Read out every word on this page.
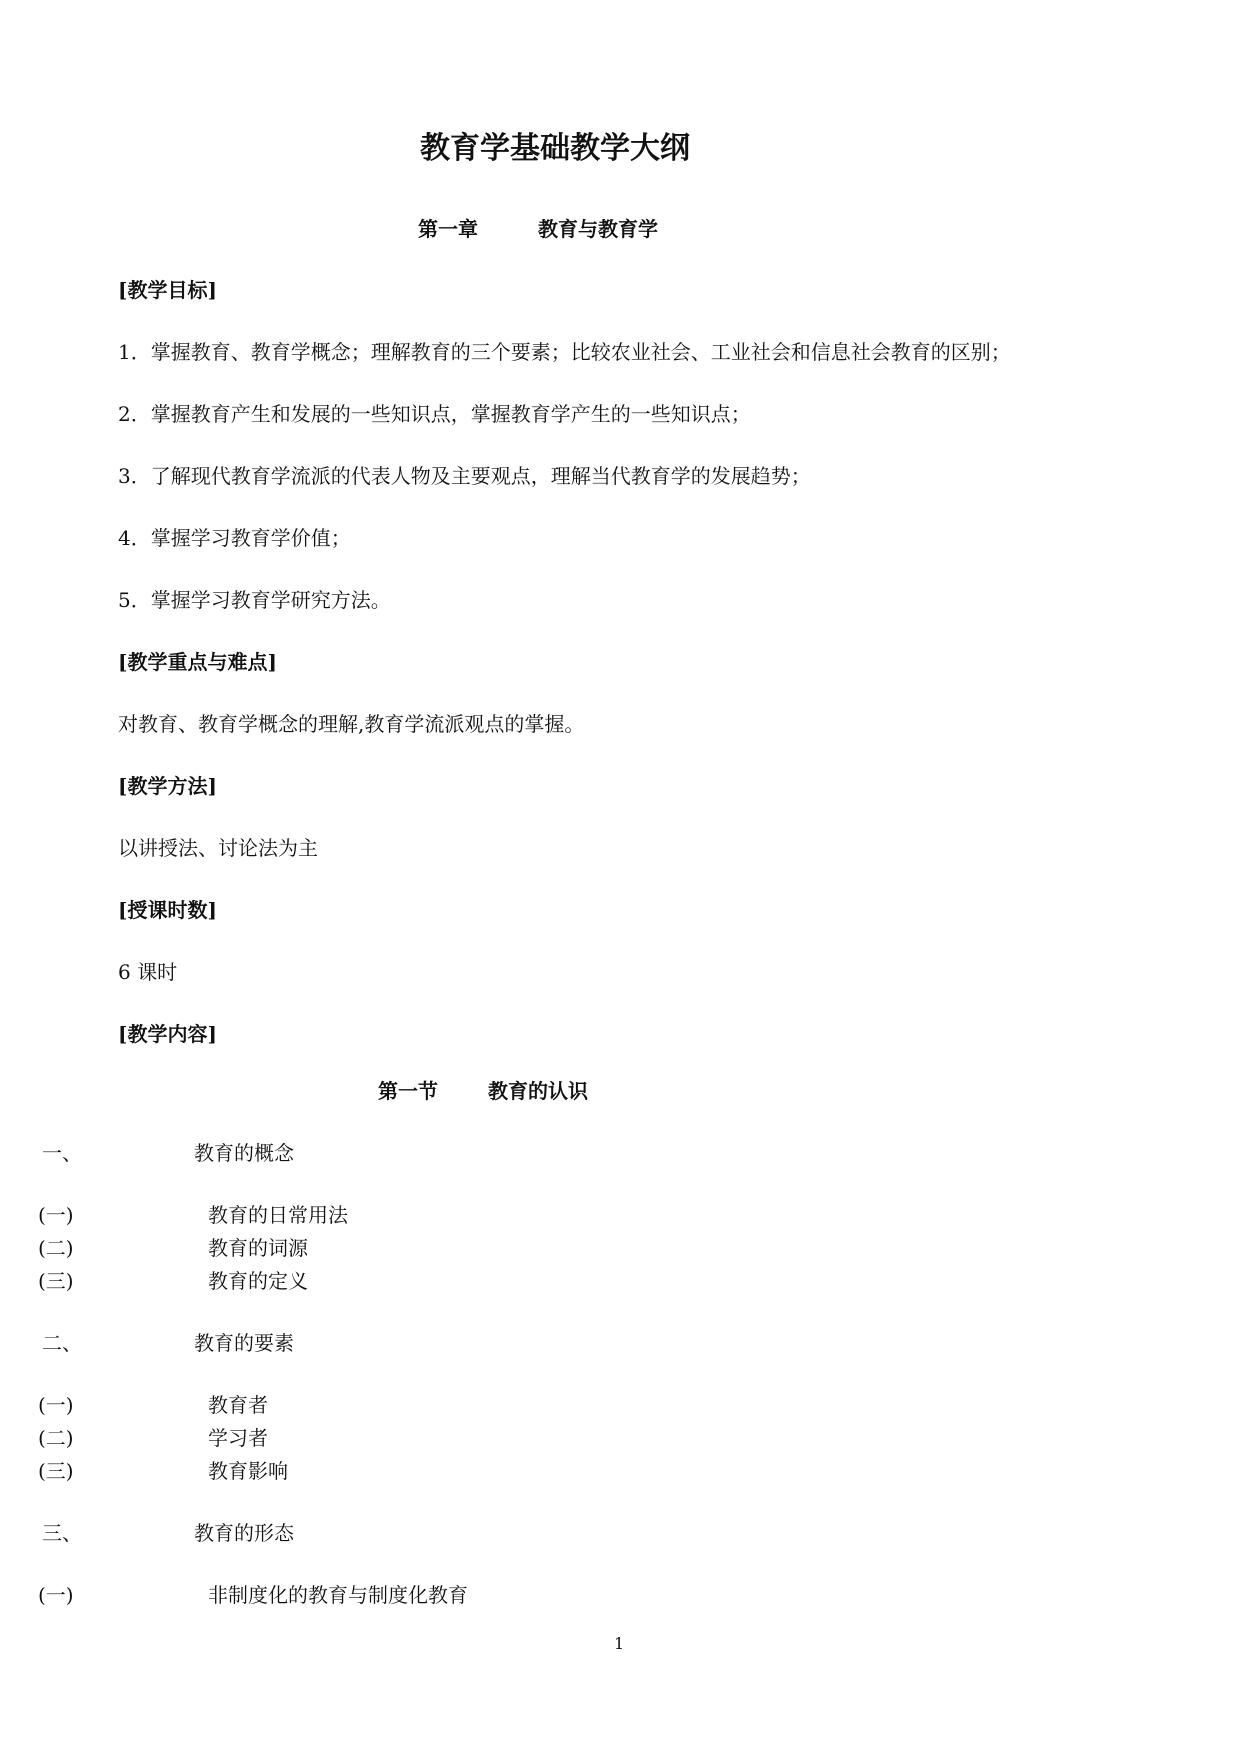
教育学基础教学大纲
第一章	教育与教育学
[教学目标]
1．掌握教育、教育学概念；理解教育的三个要素；比较农业社会、工业社会和信息社会教育的区别；
2．掌握教育产生和发展的一些知识点，掌握教育学产生的一些知识点；
3．了解现代教育学流派的代表人物及主要观点，理解当代教育学的发展趋势；
4．掌握学习教育学价值；
5．掌握学习教育学研究方法。
[教学重点与难点]
对教育、教育学概念的理解,教育学流派观点的掌握。
[教学方法]
以讲授法、讨论法为主
[授课时数]
6 课时
[教学内容]
第一节	教育的认识
一、	教育的概念
(一)	教育的日常用法
(二)	教育的词源
(三)	教育的定义
二、	教育的要素
(一)	教育者
(二)	学习者
(三)	教育影响
三、	教育的形态
(一)	非制度化的教育与制度化教育
1
